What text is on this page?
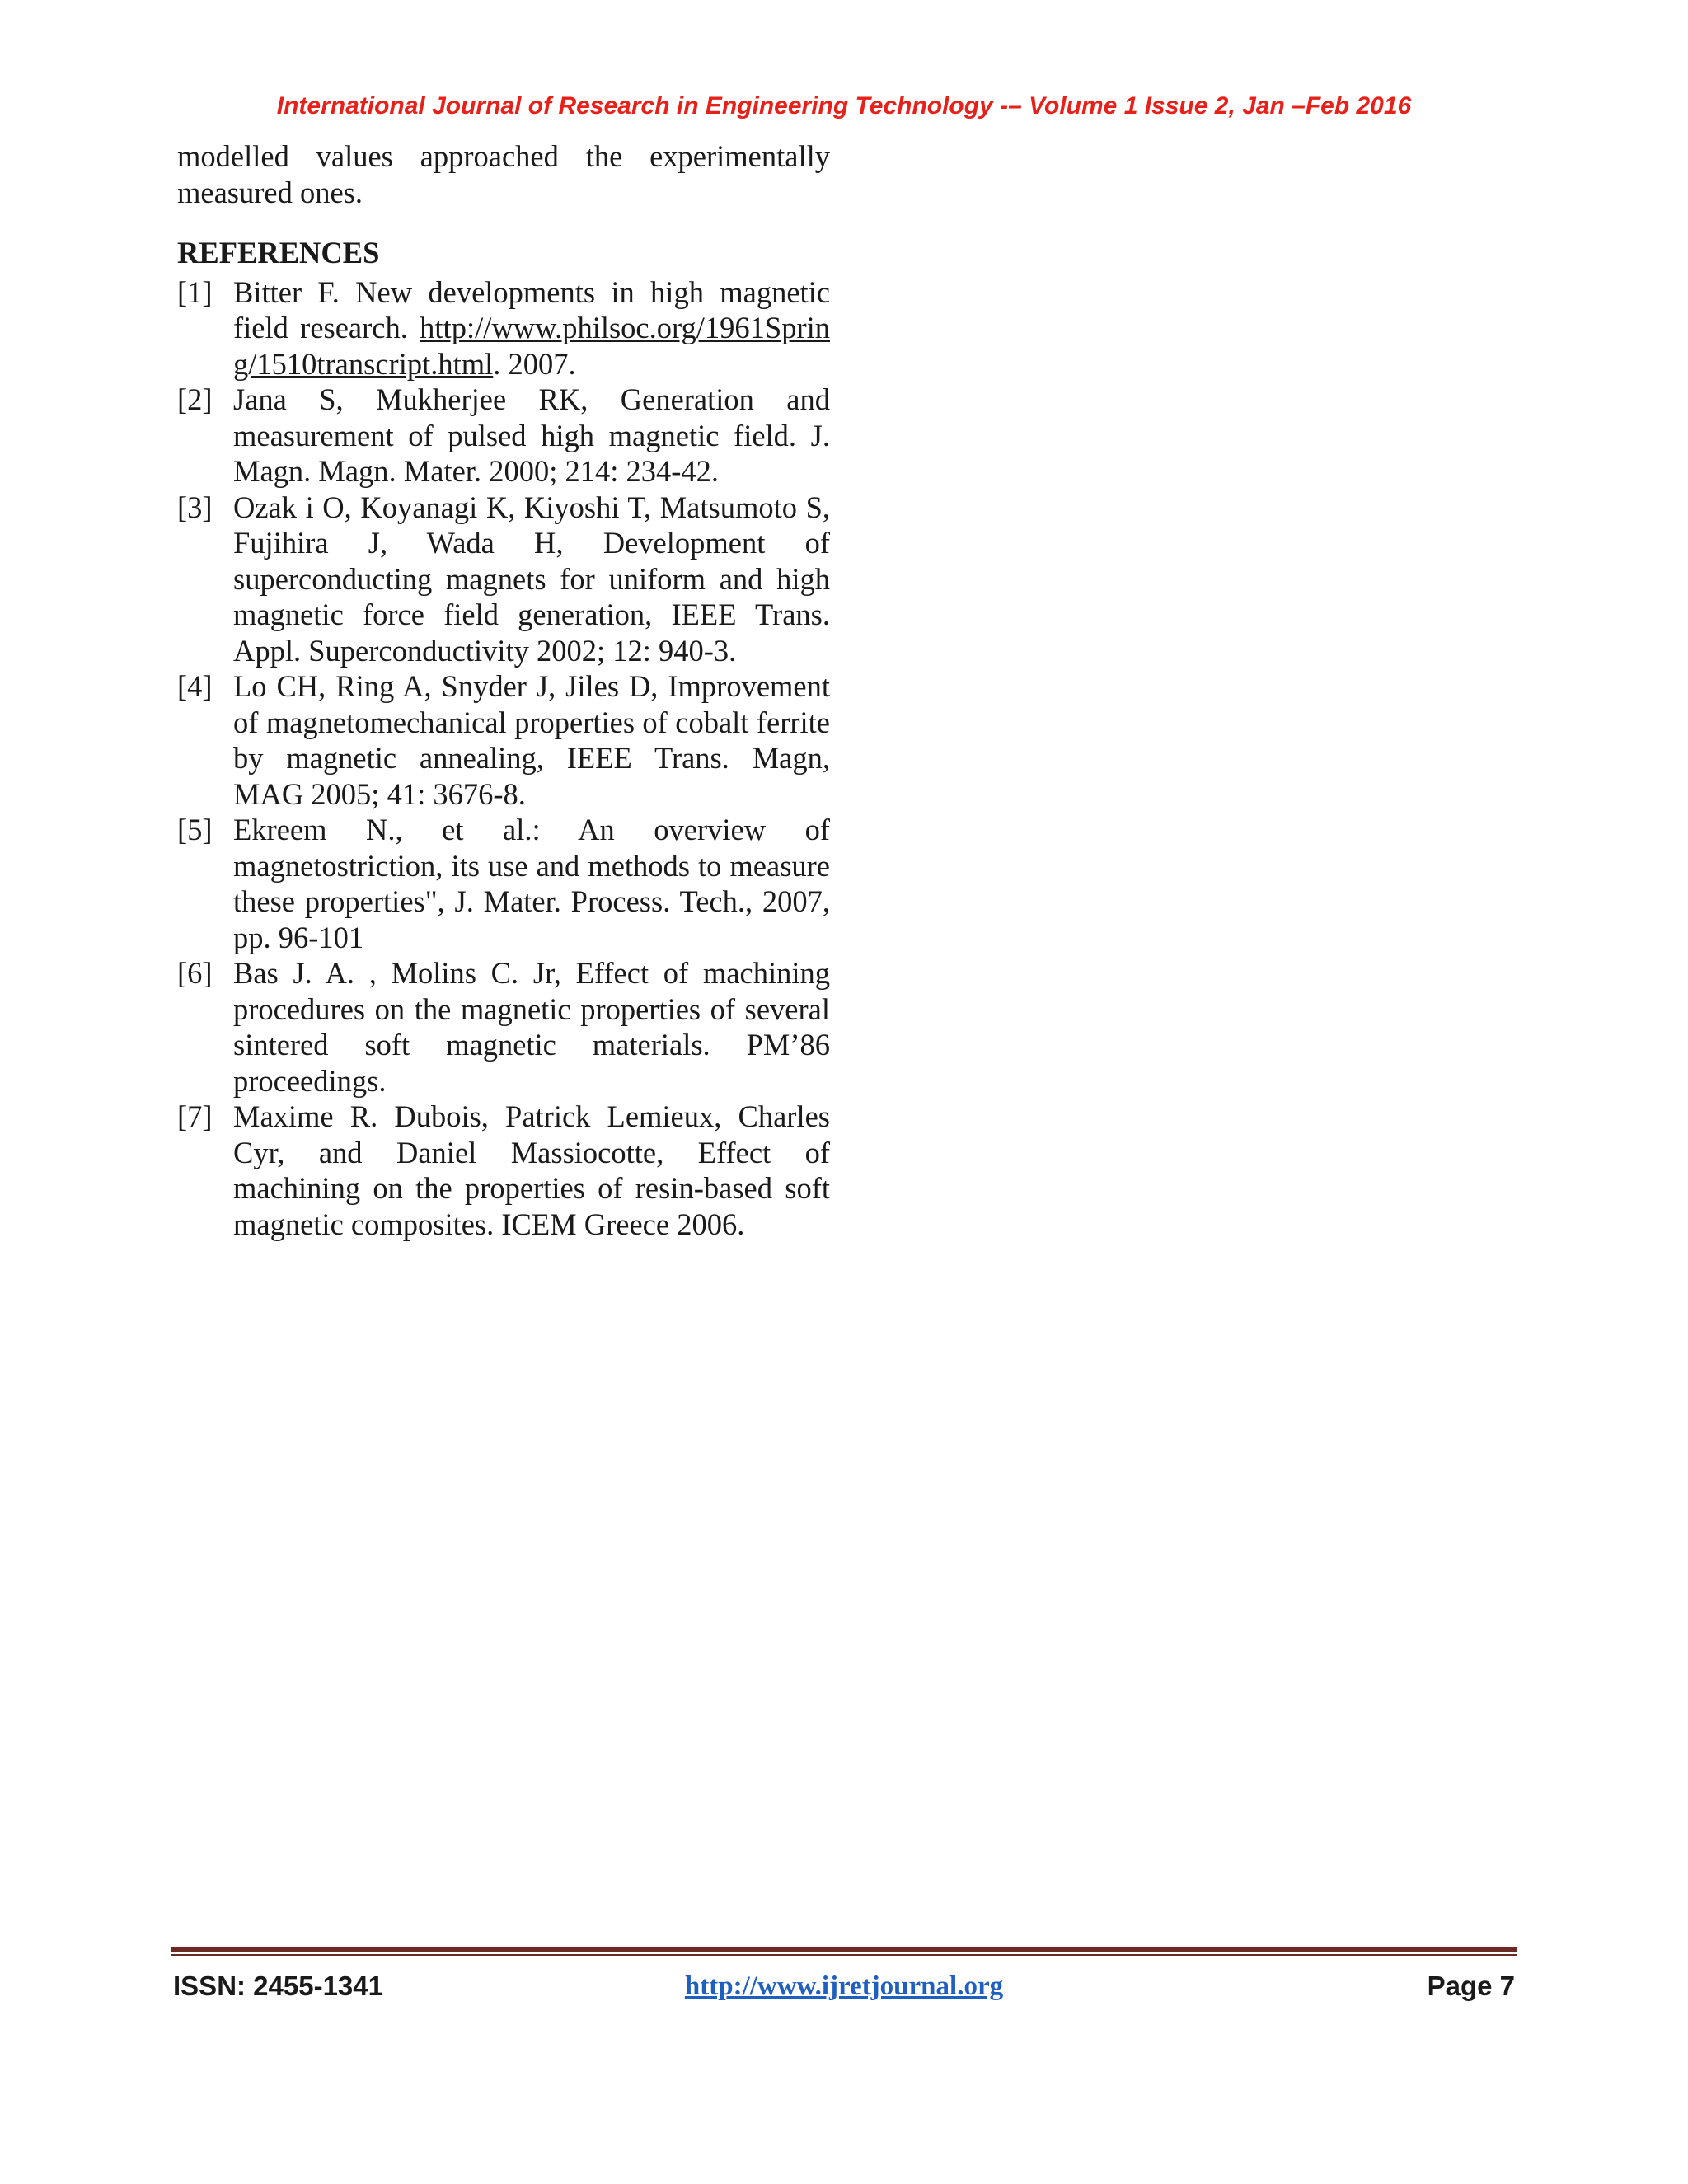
International Journal of Research in Engineering Technology -– Volume 1 Issue 2, Jan –Feb 2016

modelled values approached the experimentally measured ones.

REFERENCES
[1] Bitter F. New developments in high magnetic field research. http://www.philsoc.org/1961Spring/1510transcript.html. 2007.
[2] Jana S, Mukherjee RK, Generation and measurement of pulsed high magnetic field. J. Magn. Magn. Mater. 2000; 214: 234-42.
[3] Ozak i O, Koyanagi K, Kiyoshi T, Matsumoto S, Fujihira J, Wada H, Development of superconducting magnets for uniform and high magnetic force field generation, IEEE Trans. Appl. Superconductivity 2002; 12: 940-3.
[4] Lo CH, Ring A, Snyder J, Jiles D, Improvement of magnetomechanical properties of cobalt ferrite by magnetic annealing, IEEE Trans. Magn, MAG 2005; 41: 3676-8.
[5] Ekreem N., et al.: An overview of magnetostriction, its use and methods to measure these properties", J. Mater. Process. Tech., 2007, pp. 96-101
[6] Bas J. A. , Molins C. Jr, Effect of machining procedures on the magnetic properties of several sintered soft magnetic materials. PM’86 proceedings.
[7] Maxime R. Dubois, Patrick Lemieux, Charles Cyr, and Daniel Massiocotte, Effect of machining on the properties of resin-based soft magnetic composites. ICEM Greece 2006.
ISSN: 2455-1341	http://www.ijretjournal.org	Page 7
